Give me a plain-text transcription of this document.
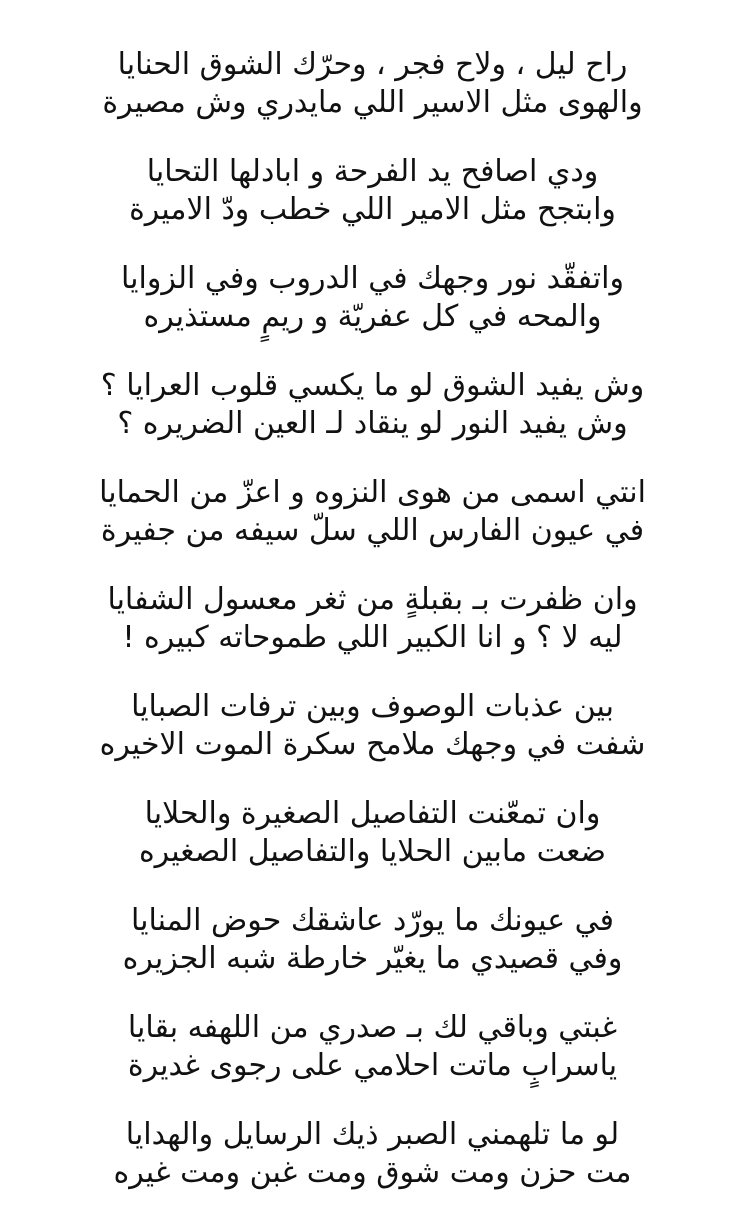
راح ليل ، ولاح فجر ، وحرّك الشوق الحنايا
والهوى مثل الاسير اللي مايدري وش مصيرة
ودي اصافح يد الفرحة و ابادلها التحايا
وابتجح مثل الامير اللي خطب ودّ الاميرة
واتفقّد نور وجهك في الدروب وفي الزوايا
والمحه في كل عفريّة و ريمٍ مستذيره
وش يفيد الشوق لو ما يكسي قلوب العرايا ؟
وش يفيد النور لو ينقاد لـ العين الضريره ؟
انتي اسمى من هوى النزوه و اعزّ من الحمايا
في عيون الفارس اللي سلّ سيفه من جفيرة
وان ظفرت بـ بقبلةٍ من ثغر معسول الشفايا
ليه لا ؟ و انا الكبير اللي طموحاته كبيره !
بين عذبات الوصوف وبين ترفات الصبايا
شفت في وجهك ملامح سكرة الموت الاخيره
وان تمعّنت التفاصيل الصغيرة والحلايا
ضعت مابين الحلايا والتفاصيل الصغيره
في عيونك ما يورّد عاشقك حوض المنايا
وفي قصيدي ما يغيّر خارطة شبه الجزيره
غبتي وباقي لك بـ صدري من اللهفه بقايا
ياسرابٍ ماتت احلامي على رجوى غديرة
لو ما تلهمني الصبر ذيك الرسايل والهدايا
مت حزن ومت شوق ومت غبن ومت غيره
